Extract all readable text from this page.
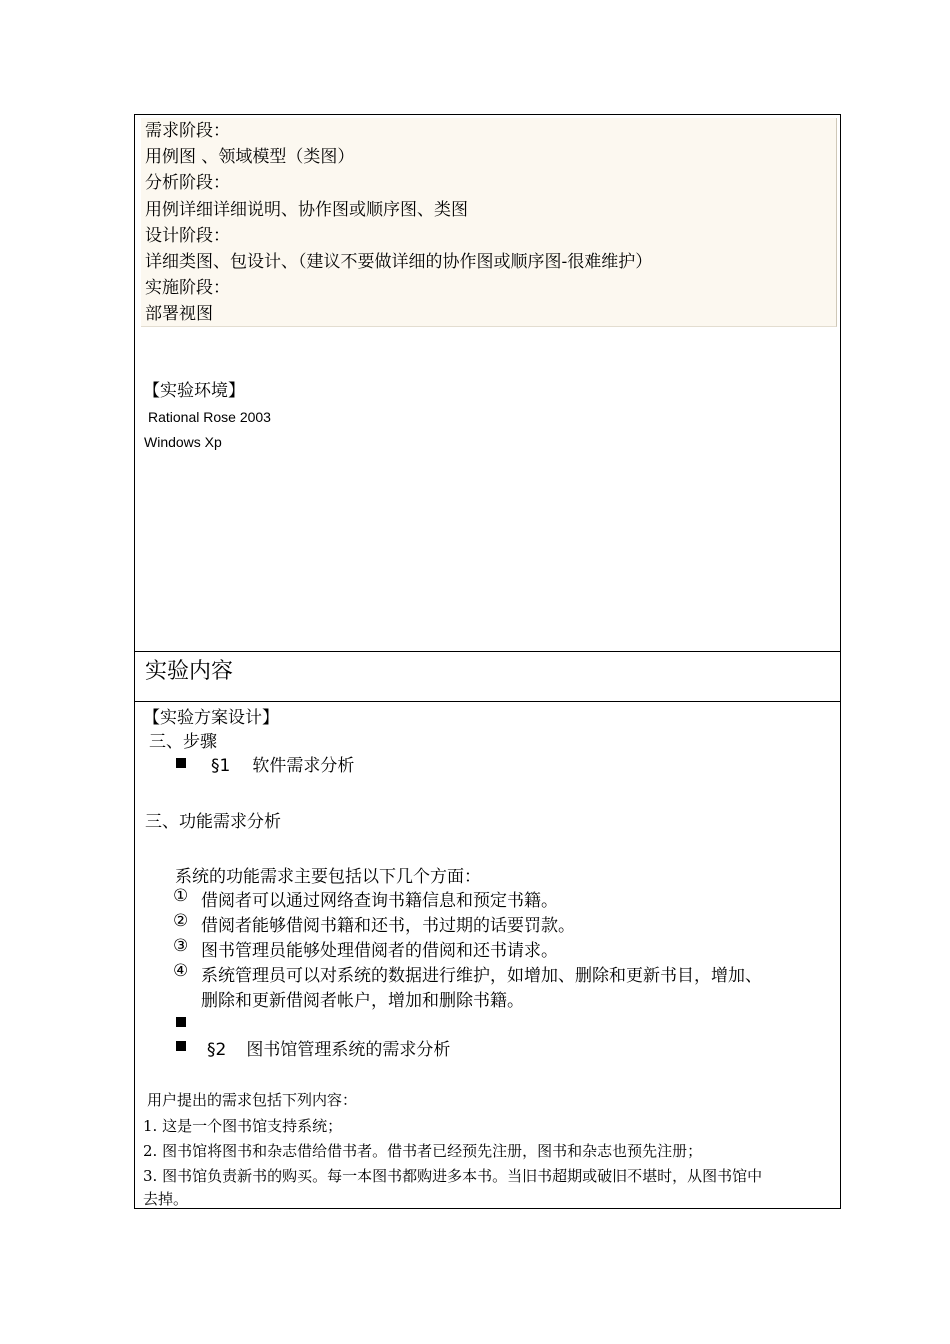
需求阶段：
用例图 、领域模型（类图）
分析阶段：
用例详细详细说明、协作图或顺序图、类图
设计阶段：
详细类图、包设计、（建议不要做详细的协作图或顺序图-很难维护）
实施阶段：
部署视图
【实验环境】
Rational Rose 2003
Windows Xp
实验内容
【实验方案设计】
三、步骤
§1 软件需求分析
三、功能需求分析
系统的功能需求主要包括以下几个方面：
① 借阅者可以通过网络查询书籍信息和预定书籍。
② 借阅者能够借阅书籍和还书，书过期的话要罚款。
③ 图书管理员能够处理借阅者的借阅和还书请求。
④ 系统管理员可以对系统的数据进行维护，如增加、删除和更新书目，增加、
删除和更新借阅者帐户，增加和删除书籍。
§2 图书馆管理系统的需求分析
用户提出的需求包括下列内容：
1. 这是一个图书馆支持系统；
2. 图书馆将图书和杂志借给借书者。借书者已经预先注册，图书和杂志也预先注册；
3. 图书馆负责新书的购买。每一本图书都购进多本书。当旧书超期或破旧不堪时，从图书馆中
去掉。
